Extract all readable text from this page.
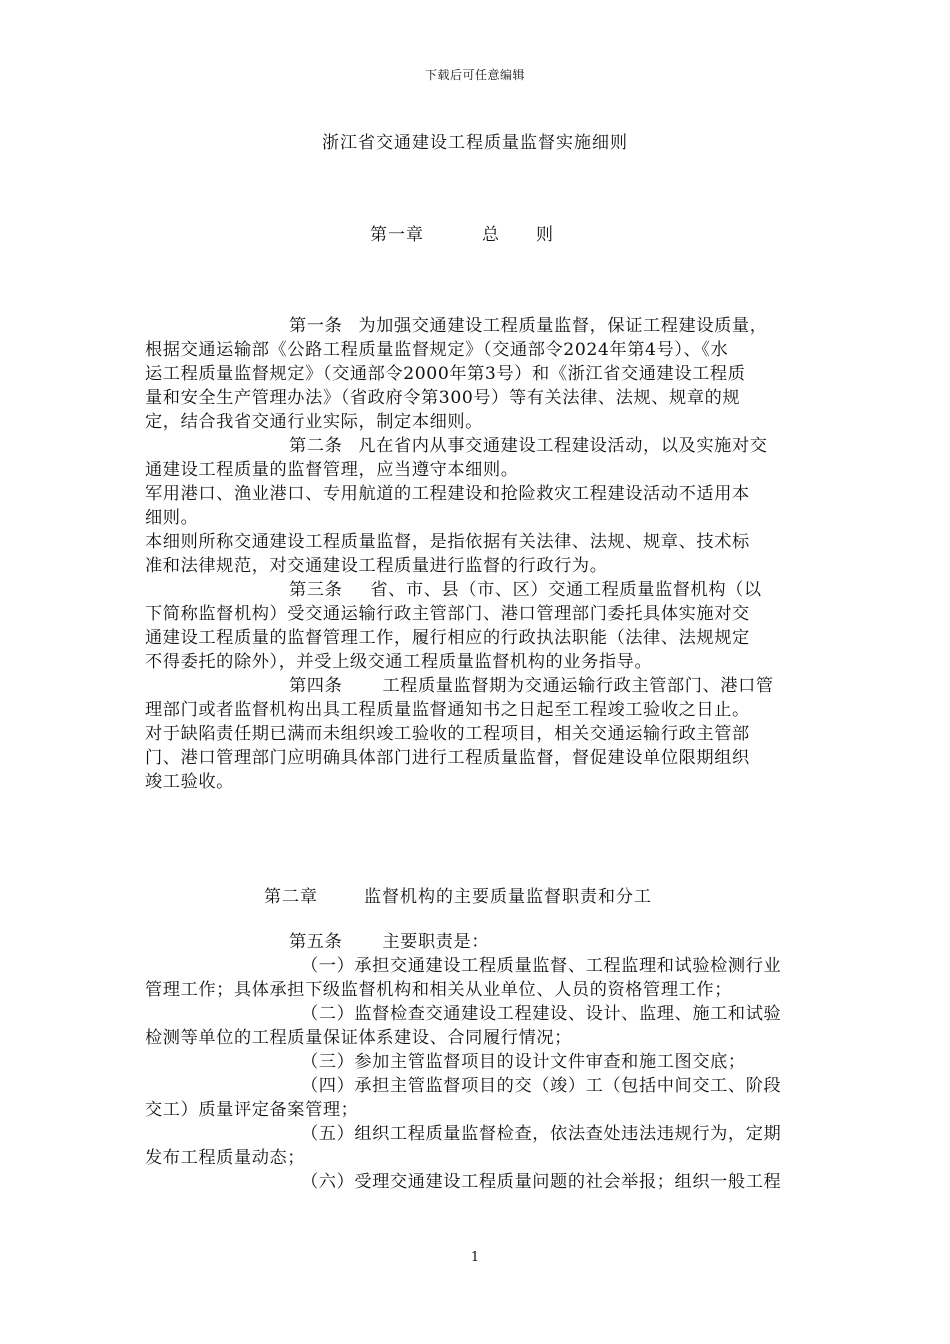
下载后可任意编辑
浙江省交通建设工程质量监督实施细则
第一章	总 则
第一条 为加强交通建设工程质量监督，保证工程建设质量，
根据交通运输部《公路工程质量监督规定》（交通部令2024年第4号）、《水
运工程质量监督规定》（交通部令2000年第3号）和《浙江省交通建设工程质
量和安全生产管理办法》（省政府令第300号）等有关法律、法规、规章的规
定，结合我省交通行业实际，制定本细则。
第二条 凡在省内从事交通建设工程建设活动，以及实施对交
通建设工程质量的监督管理，应当遵守本细则。
军用港口、渔业港口、专用航道的工程建设和抢险救灾工程建设活动不适用本
细则。
本细则所称交通建设工程质量监督，是指依据有关法律、法规、规章、技术标
准和法律规范，对交通建设工程质量进行监督的行政行为。
第三条 省、市、县（市、区）交通工程质量监督机构（以
下简称监督机构）受交通运输行政主管部门、港口管理部门委托具体实施对交
通建设工程质量的监督管理工作，履行相应的行政执法职能（法律、法规规定
不得委托的除外），并受上级交通工程质量监督机构的业务指导。
第四条 工程质量监督期为交通运输行政主管部门、港口管
理部门或者监督机构出具工程质量监督通知书之日起至工程竣工验收之日止。
对于缺陷责任期已满而未组织竣工验收的工程项目，相关交通运输行政主管部
门、港口管理部门应明确具体部门进行工程质量监督，督促建设单位限期组织
竣工验收。
第二章	监督机构的主要质量监督职责和分工
第五条 主要职责是：
（一）承担交通建设工程质量监督、工程监理和试验检测行业
管理工作；具体承担下级监督机构和相关从业单位、人员的资格管理工作；
（二）监督检查交通建设工程建设、设计、监理、施工和试验
检测等单位的工程质量保证体系建设、合同履行情况；
（三）参加主管监督项目的设计文件审查和施工图交底；
（四）承担主管监督项目的交（竣）工（包括中间交工、阶段
交工）质量评定备案管理；
（五）组织工程质量监督检查，依法查处违法违规行为，定期
发布工程质量动态；
（六）受理交通建设工程质量问题的社会举报；组织一般工程
1
